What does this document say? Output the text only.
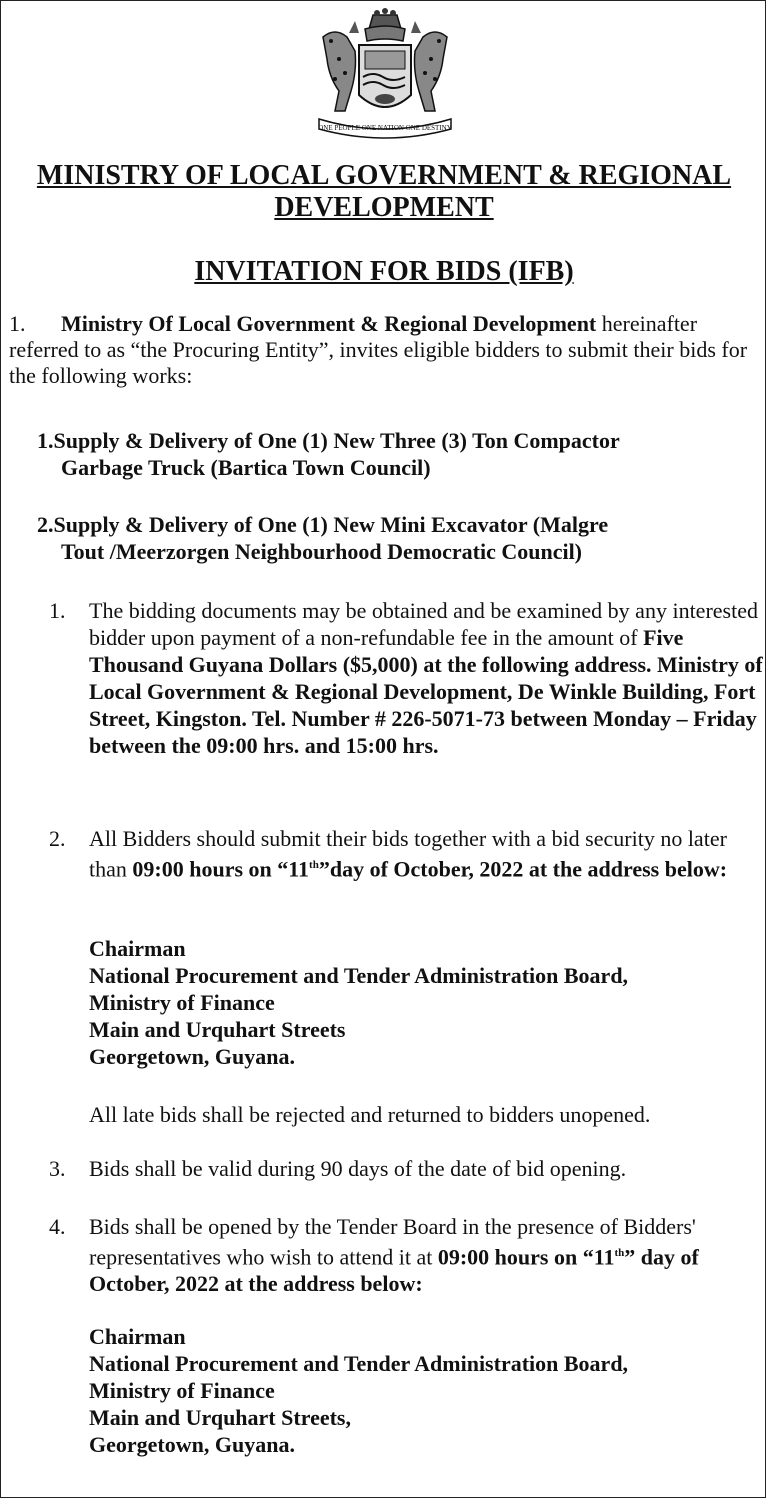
ONE PEOPLE ONE NATION ONE DESTINY
MINISTRY OF LOCAL GOVERNMENT & REGIONAL
DEVELOPMENT
INVITATION FOR BIDS (IFB)
1. Ministry Of Local Government & Regional Development hereinafter referred to as “the Procuring Entity”, invites eligible bidders to submit their bids for the following works:
1.Supply & Delivery of One (1) New Three (3) Ton Compactor
Garbage Truck (Bartica Town Council)
2.Supply & Delivery of One (1) New Mini Excavator (Malgre
Tout /Meerzorgen Neighbourhood Democratic Council)
1.	The bidding documents may be obtained and be examined by any interested bidder upon payment of a non-refundable fee in the amount of Five Thousand Guyana Dollars ($5,000) at the following address. Ministry of Local Government & Regional Development, De Winkle Building, Fort Street, Kingston. Tel. Number # 226-5071-73 between Monday – Friday between the 09:00 hrs. and 15:00 hrs.
2.	All Bidders should submit their bids together with a bid security no later than 09:00 hours on “11th”day of October, 2022 at the address below:
Chairman
National Procurement and Tender Administration Board,
Ministry of Finance
Main and Urquhart Streets
Georgetown, Guyana.
All late bids shall be rejected and returned to bidders unopened.
3.	Bids shall be valid during 90 days of the date of bid opening.
4.	Bids shall be opened by the Tender Board in the presence of Bidders' representatives who wish to attend it at 09:00 hours on “11th” day of October, 2022 at the address below:
Chairman
National Procurement and Tender Administration Board,
Ministry of Finance
Main and Urquhart Streets,
Georgetown, Guyana.
